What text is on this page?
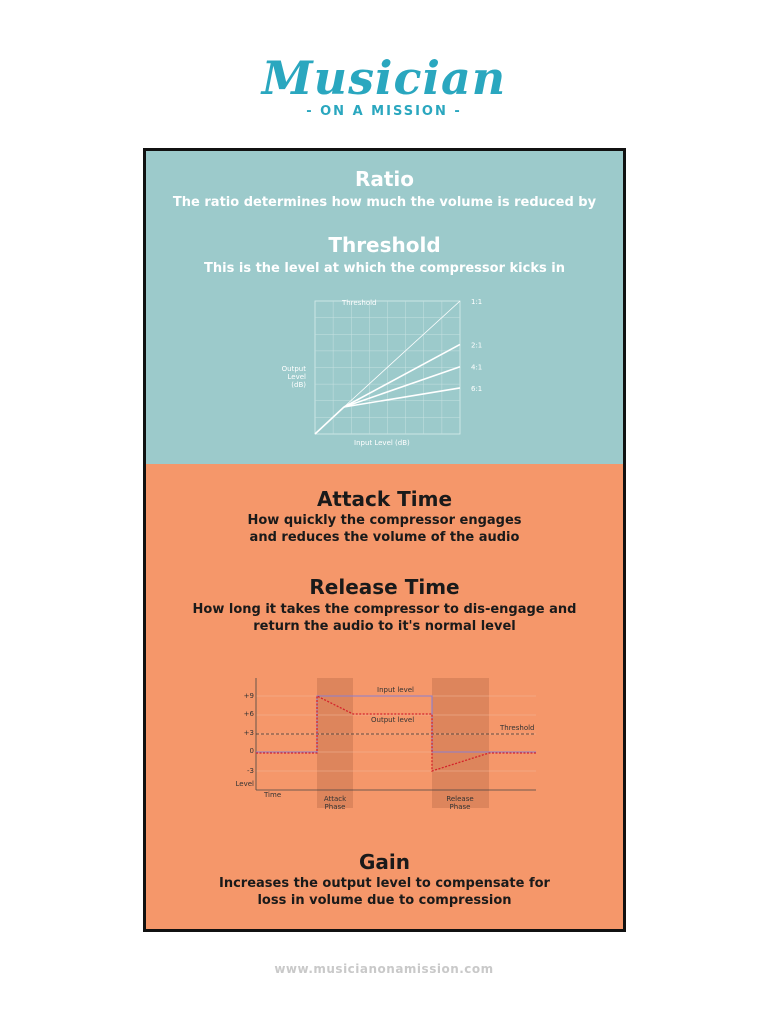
Musician
- ON A MISSION -
Ratio
The ratio determines how much the volume is reduced by
Threshold
This is the level at which the compressor kicks in
Threshold
Output
Level
(dB)
Input Level (dB)
1:1
2:1
4:1
6:1
Attack Time
How quickly the compressor engages
and reduces the volume of the audio
Release Time
How long it takes the compressor to dis-engage and
return the audio to it's normal level
+9
+6
+3
0
-3
Level
Time
Threshold
Input level
Output level
Attack
Phase
Release
Phase
Gain
Increases the output level to compensate for
loss in volume due to compression
www.musicianonamission.com
